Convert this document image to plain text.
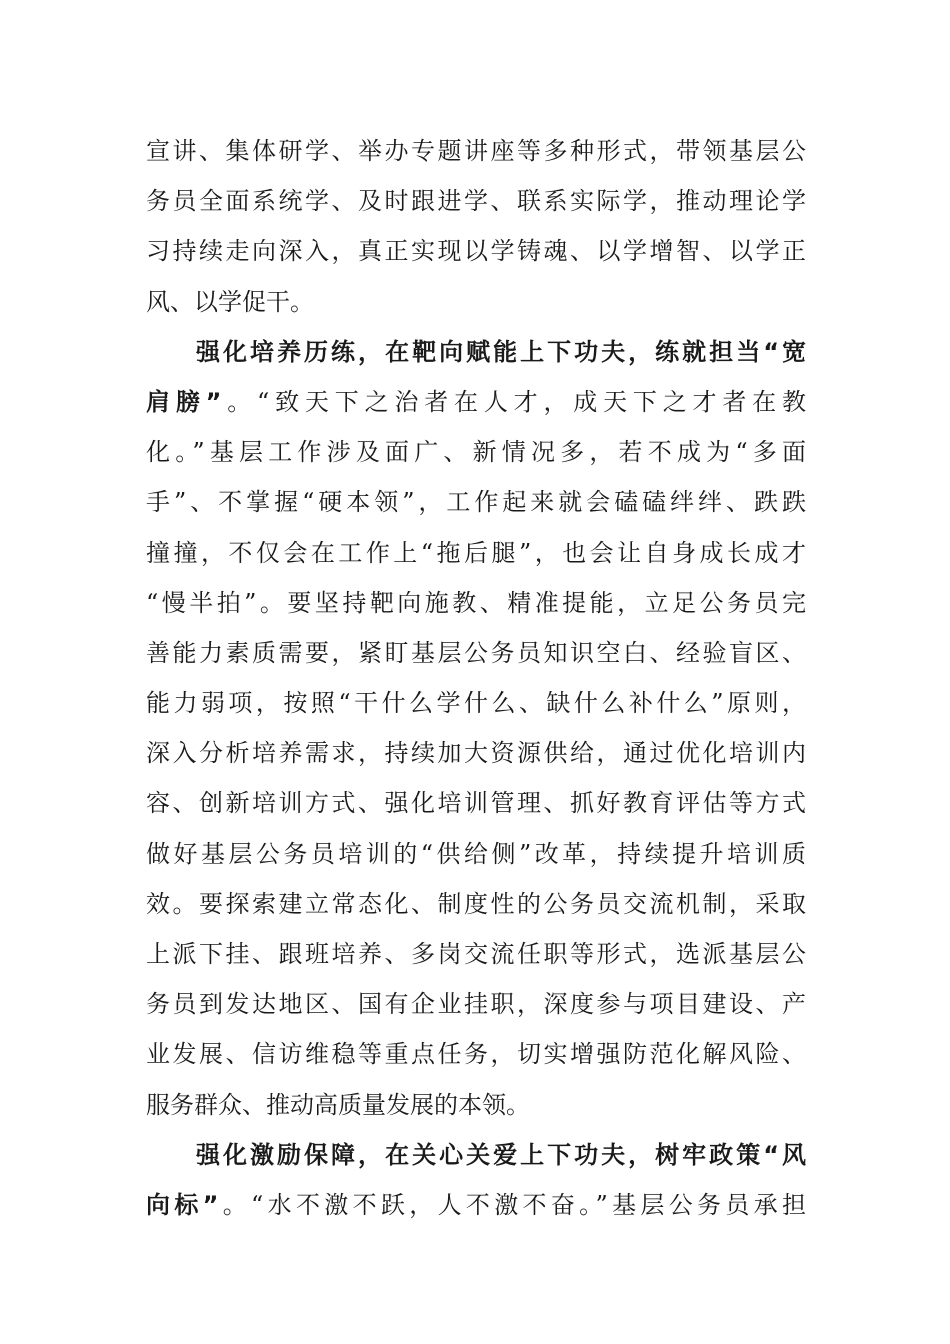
宣讲、集体研学、举办专题讲座等多种形式，带领基层公
务员全面系统学、及时跟进学、联系实际学，推动理论学
习持续走向深入，真正实现以学铸魂、以学增智、以学正
风、以学促干。
强化培养历练，在靶向赋能上下功夫，练就担当“宽
肩膀”。“致天下之治者在人才，成天下之才者在教
化。”基层工作涉及面广、新情况多，若不成为“多面
手”、不掌握“硬本领”，工作起来就会磕磕绊绊、跌跌
撞撞，不仅会在工作上“拖后腿”，也会让自身成长成才
“慢半拍”。要坚持靶向施教、精准提能，立足公务员完
善能力素质需要，紧盯基层公务员知识空白、经验盲区、
能力弱项，按照“干什么学什么、缺什么补什么”原则，
深入分析培养需求，持续加大资源供给，通过优化培训内
容、创新培训方式、强化培训管理、抓好教育评估等方式
做好基层公务员培训的“供给侧”改革，持续提升培训质
效。要探索建立常态化、制度性的公务员交流机制，采取
上派下挂、跟班培养、多岗交流任职等形式，选派基层公
务员到发达地区、国有企业挂职，深度参与项目建设、产
业发展、信访维稳等重点任务，切实增强防范化解风险、
服务群众、推动高质量发展的本领。
强化激励保障，在关心关爱上下功夫，树牢政策“风
向标”。“水不激不跃，人不激不奋。”基层公务员承担
